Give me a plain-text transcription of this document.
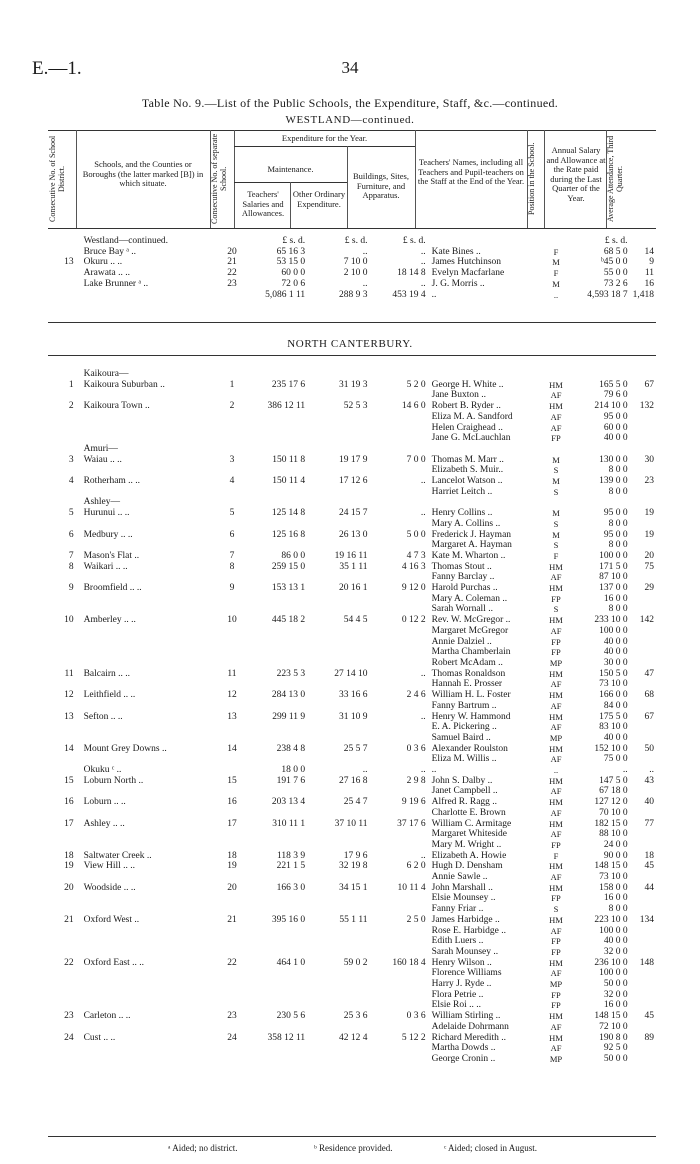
E.—1.	34
Table No. 9.—List of the Public Schools, the Expenditure, Staff, &c.—continued.
WESTLAND—continued.
Consecutive No. of School District.
Schools, and the Counties or Boroughs (the latter marked [B]) in which situate.	Consecutive No. of separate School.
Expenditure for the Year.
Maintenance.
Teachers' Salaries and Allowances.
Other Ordinary Expenditure.
Buildings, Sites, Furniture, and Apparatus.
Teachers' Names, including all Teachers and Pupil-teachers on the Staff at the End of the Year. Position in the School.	Annual Salary and Allowance at the Rate paid during the Last Quarter of the Year.	Average Attendance, Third Quarter.
	Westland—continued.		£ s. d.	£ s. d.	£ s. d.			£ s. d.	
	Bruce Bay ᵃ ..	20	65 16 3	..	..	Kate Bines ..	F	68 5 0	14
13	Okuru .. ..	21	53 15 0	7 10 0	..	James Hutchinson	M	ᵇ45 0 0	9
	Arawata .. ..	22	60 0 0	2 10 0	18 14 8	Evelyn Macfarlane	F	55 0 0	11
	Lake Brunner ᵃ ..	23	72 0 6	..	..	J. G. Morris ..	M	73 2 6	16
			5,086 1 11	288 9 3	453 19 4	..	..	4,593 18 7	1,418
NORTH CANTERBURY.
	Kaikoura—								
1	Kaikoura Suburban ..	1	235 17 6	31 19 3	5 2 0	George H. White ..	HM	165 5 0	67
						Jane Buxton ..	AF	79 6 0	
2	Kaikoura Town ..	2	386 12 11	52 5 3	14 6 0	Robert B. Ryder ..	HM	214 10 0	132
						Eliza M. A. Sandford	AF	95 0 0	
						Helen Craighead ..	AF	60 0 0	
						Jane G. McLauchlan	FP	40 0 0	
	Amuri—								
3	Waiau .. ..	3	150 11 8	19 17 9	7 0 0	Thomas M. Marr ..	M	130 0 0	30
						Elizabeth S. Muir..	S	8 0 0	
4	Rotherham .. ..	4	150 11 4	17 12 6	..	Lancelot Watson ..	M	139 0 0	23
						Harriet Leitch ..	S	8 0 0	
	Ashley—								
5	Hurunui .. ..	5	125 14 8	24 15 7	..	Henry Collins ..	M	95 0 0	19
						Mary A. Collins ..	S	8 0 0	
6	Medbury .. ..	6	125 16 8	26 13 0	5 0 0	Frederick J. Hayman	M	95 0 0	19
						Margaret A. Hayman	S	8 0 0	
7	Mason's Flat ..	7	86 0 0	19 16 11	4 7 3	Kate M. Wharton ..	F	100 0 0	20
8	Waikari .. ..	8	259 15 0	35 1 11	4 16 3	Thomas Stout ..	HM	171 5 0	75
						Fanny Barclay ..	AF	87 10 0	
9	Broomfield .. ..	9	153 13 1	20 16 1	9 12 0	Harold Purchas ..	HM	137 0 0	29
						Mary A. Coleman ..	FP	16 0 0	
						Sarah Wornall ..	S	8 0 0	
10	Amberley .. ..	10	445 18 2	54 4 5	0 12 2	Rev. W. McGregor ..	HM	233 10 0	142
						Margaret McGregor	AF	100 0 0	
						Annie Dalziel ..	FP	40 0 0	
						Martha Chamberlain	FP	40 0 0	
						Robert McAdam ..	MP	30 0 0	
11	Balcairn .. ..	11	223 5 3	27 14 10	..	Thomas Ronaldson	HM	150 5 0	47
						Hannah E. Prosser	AF	73 10 0	
12	Leithfield .. ..	12	284 13 0	33 16 6	2 4 6	William H. L. Foster	HM	166 0 0	68
						Fanny Bartrum ..	AF	84 0 0	
13	Sefton .. ..	13	299 11 9	31 10 9	..	Henry W. Hammond	HM	175 5 0	67
						E. A. Pickering ..	AF	83 10 0	
						Samuel Baird ..	MP	40 0 0	
14	Mount Grey Downs ..	14	238 4 8	25 5 7	0 3 6	Alexander Roulston	HM	152 10 0	50
						Eliza M. Willis ..	AF	75 0 0	
	Okuku ᶜ ..		18 0 0	..	..	..	..	..	..
15	Loburn North ..	15	191 7 6	27 16 8	2 9 8	John S. Dalby ..	HM	147 5 0	43
						Janet Campbell ..	AF	67 18 0	
16	Loburn .. ..	16	203 13 4	25 4 7	9 19 6	Alfred R. Ragg ..	HM	127 12 0	40
						Charlotte E. Brown	AF	70 10 0	
17	Ashley .. ..	17	310 11 1	37 10 11	37 17 6	William C. Armitage	HM	182 15 0	77
						Margaret Whiteside	AF	88 10 0	
						Mary M. Wright ..	FP	24 0 0	
18	Saltwater Creek ..	18	118 3 9	17 9 6	..	Elizabeth A. Howie	F	90 0 0	18
19	View Hill .. ..	19	221 1 5	32 19 8	6 2 0	Hugh D. Densham	HM	148 15 0	45
						Annie Sawle ..	AF	73 10 0	
20	Woodside .. ..	20	166 3 0	34 15 1	10 11 4	John Marshall ..	HM	158 0 0	44
						Elsie Mounsey ..	FP	16 0 0	
						Fanny Friar ..	S	8 0 0	
21	Oxford West ..	21	395 16 0	55 1 11	2 5 0	James Harbidge ..	HM	223 10 0	134
						Rose E. Harbidge ..	AF	100 0 0	
						Edith Luers ..	FP	40 0 0	
						Sarah Mounsey ..	FP	32 0 0	
22	Oxford East .. ..	22	464 1 0	59 0 2	160 18 4	Henry Wilson ..	HM	236 10 0	148
						Florence Williams	AF	100 0 0	
						Harry J. Ryde ..	MP	50 0 0	
						Flora Petrie ..	FP	32 0 0	
						Elsie Roi .. ..	FP	16 0 0	
23	Carleton .. ..	23	230 5 6	25 3 6	0 3 6	William Stirling ..	HM	148 15 0	45
						Adelaide Dohrmann	AF	72 10 0	
24	Cust .. ..	24	358 12 11	42 12 4	5 12 2	Richard Meredith ..	HM	190 8 0	89
						Martha Dowds ..	AF	92 5 0	
						George Cronin ..	MP	50 0 0	
ᵃ Aided; no district.	ᵇ Residence provided.	ᶜ Aided; closed in August.
